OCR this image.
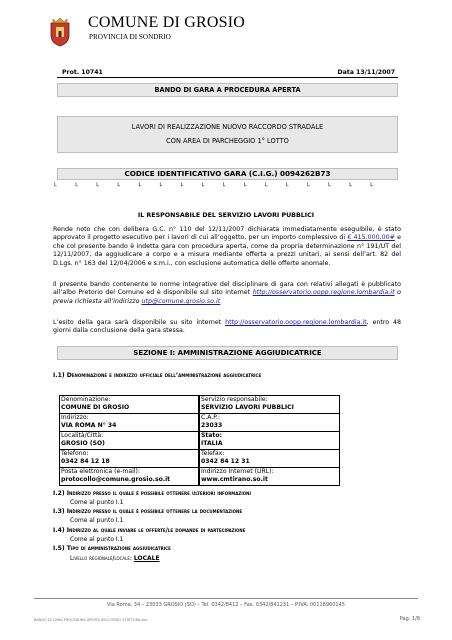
COMUNE DI GROSIO
PROVINCIA DI SONDRIO
Prot. 10741	Data 13/11/2007
BANDO DI GARA A PROCEDURA APERTA
LAVORI DI REALIZZAZIONE NUOVO RACCORDO STRADALE
CON AREA DI PARCHEGGIO 1° LOTTO
CODICE IDENTIFICATIVO GARA (C.I.G.) 0094262B73
└	└	└	└	└	└	└	└	└	└	└	└	└	└	└	└
IL RESPONSABILE DEL SERVIZIO LAVORI PUBBLICI
Rende noto che con delibera G.C. n° 110 del 12/11/2007 dichiarata immediatamente eseguibile, è stato approvato il progetto esecutivo per i lavori di cui all’oggetto, per un importo complessivo di € 415.000,00# e che col presente bando è indetta gara con procedura aperta, come da propria determinazione n° 191/UT del 12/11/2007, da aggiudicare a corpo e a misura mediante offerta a prezzi unitari, ai sensi dell’art. 82 del D.Lgs. n° 163 del 12/04/2006 e s.m.i., con esclusione automatica delle offerte anomale.
Il presente bando contenente le norme integrative del disciplinare di gara con relativi allegati è pubblicato all’albo Pretorio del Comune ed è disponibile sul sito internet http://osservatorio.oopp.regione.lombardia.it o previa richiesta all’indirizzo utp@comune.grosio.so.it
L’esito della gara sarà disponibile su sito internet http://osservatorio.oopp.regione.lombardia.it, entro 48 giorni dalla conclusione della gara stessa.
SEZIONE I: AMMINISTRAZIONE AGGIUDICATRICE
I.1) Denominazione e indirizzo ufficiale dell’amministrazione aggiudicatrice
Denominazione:
COMUNE DI GROSIO
Servizio responsabile:
SERVIZIO LAVORI PUBBLICI
Indirizzo:
VIA ROMA N° 34
C.A.P.:
23033
Località/Città:
GROSIO (SO)
Stato:
ITALIA
Telefono:
0342 84 12 18
Telefax:
0342 84 12 31
Posta elettronica (e-mail):
protocollo@comune.grosio.so.it
Indirizzo Internet (URL):
www.cmtirano.so.it
I.2) Indirizzo presso il quale è possibile ottenere ulteriori informazioni
Come al punto I.1
I.3) Indirizzo presso il quale è possibile ottenere la documentazione
Come al punto I.1
I.4) Indirizzo al quale inviare le offerte/le domande di partecipazione
Come al punto I.1
I.5) Tipo di amministrazione aggiudicatrice
Livello regionale/locale: LOCALE
Via Roma, 34 – 23033 GROSIO (SO) – Tel. 0342/8412 – Fax. 0342/841231 – P.IVA: 00118960145
BANDO DI GARA PROCEDURA APERTA RACCORDO STRTTURA.doc	Pag. 1/8
